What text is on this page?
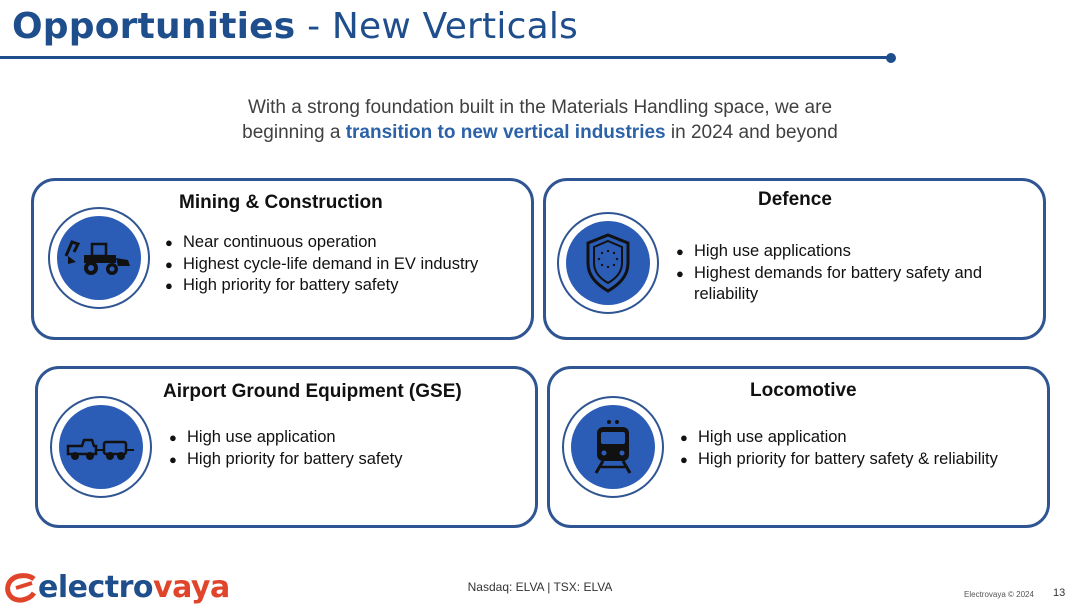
Opportunities - New Verticals
With a strong foundation built in the Materials Handling space, we are
beginning a transition to new vertical industries in 2024 and beyond
Mining & Construction
● Near continuous operation
● Highest cycle-life demand in EV industry
● High priority for battery safety
Defence
● High use applications
● Highest demands for battery safety and reliability
Airport Ground Equipment (GSE)
● High use application
● High priority for battery safety
Locomotive
● High use application
● High priority for battery safety & reliability
electro vaya	Nasdaq: ELVA | TSX: ELVA
Electrovaya © 2024 13
